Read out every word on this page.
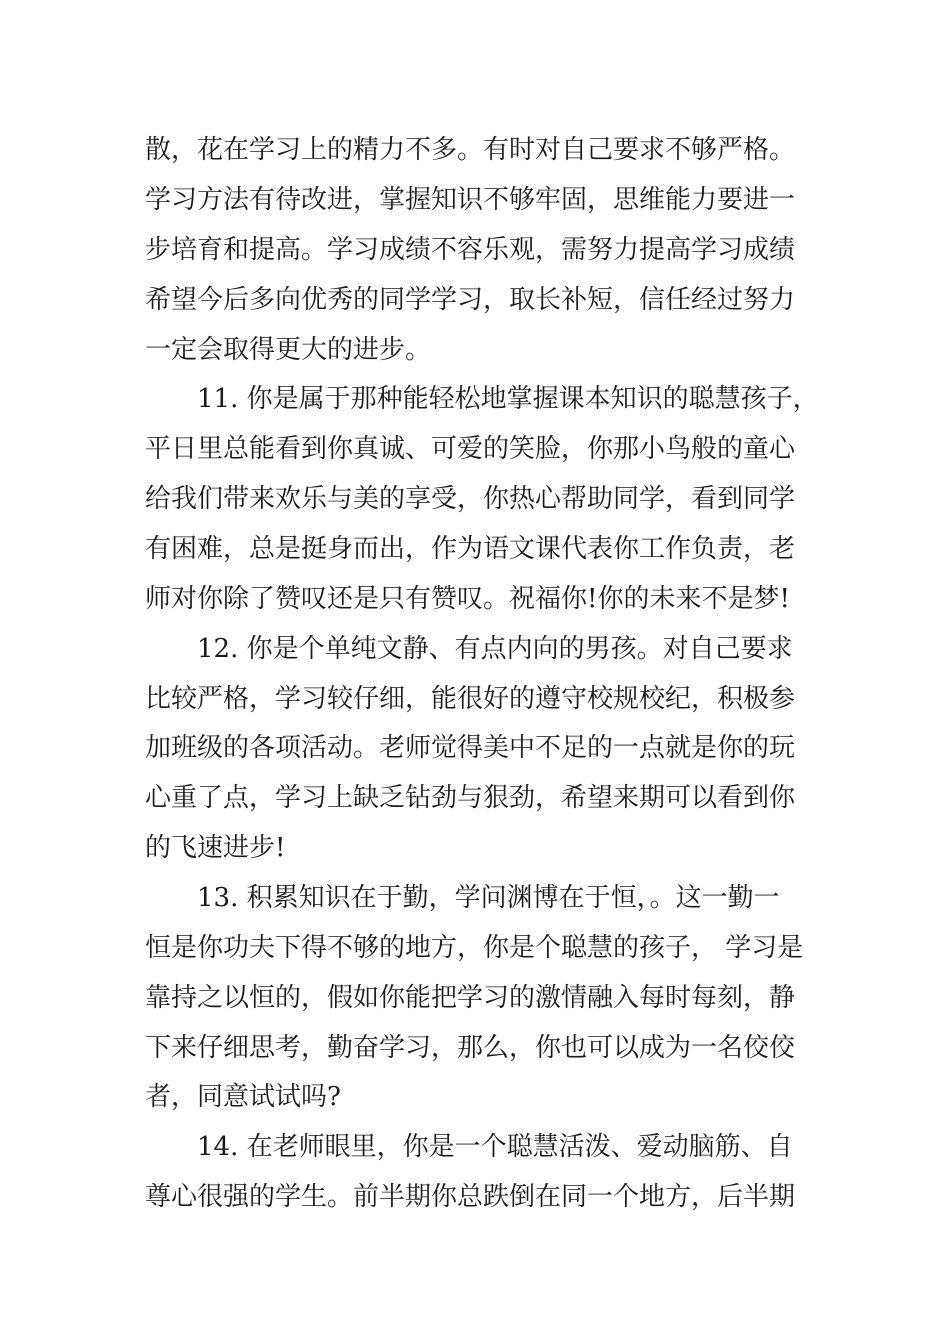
散，花在学习上的精力不多。有时对自己要求不够严格。
学习方法有待改进，掌握知识不够牢固，思维能力要进一
步培育和提高。学习成绩不容乐观，需努力提高学习成绩
希望今后多向优秀的同学学习，取长补短，信任经过努力
一定会取得更大的进步。
11. 你是属于那种能轻松地掌握课本知识的聪慧孩子，
平日里总能看到你真诚、可爱的笑脸，你那小鸟般的童心
给我们带来欢乐与美的享受，你热心帮助同学，看到同学
有困难，总是挺身而出，作为语文课代表你工作负责，老
师对你除了赞叹还是只有赞叹。祝福你!你的未来不是梦!
12. 你是个单纯文静、有点内向的男孩。对自己要求
比较严格，学习较仔细，能很好的遵守校规校纪，积极参
加班级的各项活动。老师觉得美中不足的一点就是你的玩
心重了点，学习上缺乏钻劲与狠劲，希望来期可以看到你
的飞速进步!
13. 积累知识在于勤，学问渊博在于恒，。这一勤一
恒是你功夫下得不够的地方，你是个聪慧的孩子， 学习是
靠持之以恒的，假如你能把学习的激情融入每时每刻，静
下来仔细思考，勤奋学习，那么，你也可以成为一名佼佼
者，同意试试吗?
14. 在老师眼里，你是一个聪慧活泼、爱动脑筋、自
尊心很强的学生。前半期你总跌倒在同一个地方，后半期
